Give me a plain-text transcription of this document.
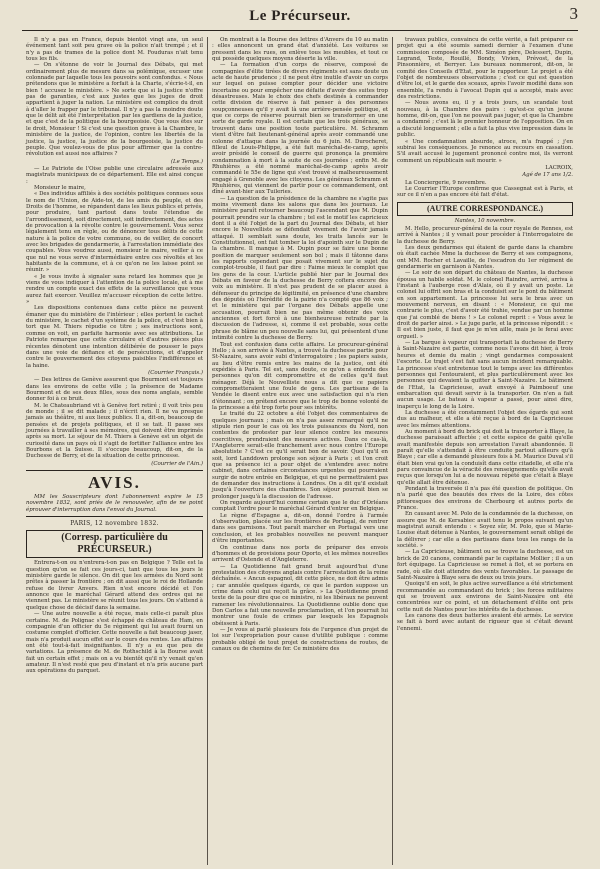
Le Précurseur.	3

Il n'y a pas en France, depuis bientôt vingt ans, un seul événement tant soit peu grave où la police n'ait trempé ; et il n'y a pas de trames de la police dont M. Fouduras n'ait tenu tous les fils.

— On s'étonne de voir le Journal des Débats, qui met ordinairement plus de mesure dans sa polémique, excuser une colonnade par laquelle tous les pouvoirs sont confondus. « Nous prétendons que le ministère a forfait à la Charte, s'écrie-t-il, en bien ! accusez le ministère. » Ne sorte que si la justice n'offre pas de garanties, c'est aux justes que les juges de droit appartient à juger la nation. Le ministère est complice du droit à d'aller le frapper par le tribunal. Il n'y a pas la moindre doute que le délit ait été l'interprétation par les gardiens de la justice, et que c'est de la politique de la bourgeoisie. Que vous êtes sur le droit, Monsieur ! Si c'est une question grave à la Chambre, le ministère de la justice, de l'opinion, contre les libertés de la justice, la justice, la justice de la bourgeoisie, la justice du peuple. Que voulez-vous de plus pour affirmer que la contre-révolution est aussi nos affaires ?

(Le Temps.)

— Le Patriote de l'Oise publie une circulaire adressée aux magistrats municipaux de ce département. Elle est ainsi conçue :

Monsieur le maire,

« Des individus affiliés à des sociétés politiques connues sous le nom de l'Union, de Aide-toi, de les amis du peuple, et des Droits de l'homme, se répandent dans les lieux publics et privés, pour produire, tant partout dans toute l'étendue de l'arrondissement, soit directement, soit indirectement, des actes de provocation à la révolte contre le gouvernement. Vous serez légalement tenu en règle, ou de dénoncer tous délits de cette nature à la police de votre commune, ou de veiller, de concert avec les brigades de gendarmerie, à l'arrestation immédiate des coupables. Vous voudrez aussi, monsieur le maire, veiller à ce que nul ne vous serve d'intermédiaire entre ces révoltés et les habitants de la commune, et à ce qu'on ne les laisse point se réunir. »

« Je vous invite à signaler sans retard les hommes que je viens de vous indiquer à l'attention de la police locale, et à me rendre un compte exact des effets de la surveillance que vous aurez fait exercer. Veuillez m'accuser réception de cette lettre. »

Les dispositions contenues dans cette pièce ne peuvent émaner que du ministère de l'intérieur ; elles portent le cachet du ministère, le cachet d'un système de la police, et c'est bien à tort que M. Thiers répudie ce titre ; ses instructions sont, comme on voit, en parfaite harmonie avec ses attributions. Le Patriote remarque que cette circulaire et d'autres pièces plus récentes dénotent une intention délibérée de pousser le pays dans une voie de défiance et de persécutions, et d'appeler contre le gouvernement des citoyens paisibles l'indifférence et la haine.

(Courrier Français.)

— Des lettres de Genève assurent que Bourmont est toujours dans les environs de cette ville ; la présence de Madame Bourmont et de ses deux filles, sous des noms anglais, semble donner foi à ce bruit.

M. le Chateaubriand vit à Genève fort retiré ; il voit très peu de monde ; il se dit malade ; il n'écrit rien. Il ne va presque jamais au théâtre, ni aux lieux publics. Il a, dit-on, beaucoup de pensées et de projets politiques, et il se tait. Il passe ses journées à travailler à ses mémoires, qui doivent être imprimés après sa mort. Le séjour de M. Thiers à Genève est un objet de curiosité dans un pays où il s'agit de fortifier l'alliance entre les Bourbons et la Suisse. Il s'occupe beaucoup, dit-on, de la Duchesse de Berry, et de la situation de cette princesse.

(Courrier de l'Ain.)
AVIS.

MM les Souscripteurs dont l'abonnement expire le 15 novembre 1832, sont priés de le renouveler, afin de ne point éprouver d'interruption dans l'envoi du Journal.

PARIS, 12 novembre 1832.
(Corresp. particulière du PRÉCURSEUR.)

Entrera-t-on ou n'entrera-t-on pas en Belgique ? Telle est la question qu'on se fait ces jours-ci, tant que tous les jours le ministère garde le silence. On dit que les armées du Nord sont prêtes à passer la frontière ; on dit aussi que le roi de Hollande refuse de livrer Anvers. Rien n'est encore décidé et l'on annonce que le maréchal Gérard attend des ordres qui ne viennent pas. Le ministère se réunit tous les jours. On s'attend à quelque chose de décisif dans la semaine.

— Une autre nouvelle a été reçue, mais celle-ci paraît plus certaine. M. de Polignac s'est échappé du château de Ham, en compagnie d'un officier du 5e régiment qui lui avait fourni un costume complet d'officier. Cette nouvelle a fait beaucoup jaser, mais n'a produit aucun effet sur le cours des rentes. Les affaires ont été tout-à-fait insignifiantes. Il n'y a eu que peu de variations. La présence de M. de Rothschild à la Bourse avait fait un certain effet ; mais on a vu bientôt qu'il n'y venait qu'en amateur. Il n'est resté que peu d'instant et n'a pris aucune part aux opérations du parquet.

On montrait à la Bourse des lettres d'Anvers du 10 au matin : elles annoncent un grand état d'anxiété. Les voitures se pressent dans les rues, on enlève tous les meubles, et tout ce qui possède quelques moyens déserte la ville.

— La formation d'un corps de réserve, composé de compagnies d'élite tirées de divers régiments est sans doute un acte de haute prudence ; il ne peut être inutile d'avoir un corps sur lequel on puisse compter pour décider une victoire incertaine ou pour empêcher une défaite d'avoir des suites trop désastreuses. Mais le choix des chefs destinés à commander cette division de réserve à fait penser à des personnes soupçonneuses qu'il y avait là une arrière-pensée politique, et que ce corps de réserve pourrait bien se transformer en une sorte de garde royale. Il est certain que les trois généraux, se trouvent dans une position toute particulière. M. Schramm vient d'être fait lieutenant-général après avoir commandé une colonne d'attaque dans la journée du 6 juin. M. Durocheret, filleul de Louis-Philippe, a été fait maréchal-de-camp, après avoir présidé le conseil de guerre qui prononça la première condamnation à mort à la suite de ces journées ; enfin M. de Rhuhières a été nommé maréchal-de-camp après avoir commandé le 55e de ligne qui s'est trouvé si malheureusement engagé à Grenoble avec les citoyens. Les généraux Schramm et Rhuhières, qui viennent de partir pour ce commandement, ont dîné avant-hier aux Tuileries.

— La question de la présidence de la chambre ne s'agite pas moins vivement dans les salons que dans les journaux. Le ministère paraît retourner beaucoup l'ascendant que M. Dupin pourrait prendre sur la chambre ; tel est le motif les capricieux dont il a été l'objet de la part du Journal des Débats, et hier encore le Nouvelliste se défendait vivement de l'avoir jamais attaqué. Il semblait sans doute, les traits lancés sur le Constitutionnel, ont fait tomber la loi d'apointh sur le Dupin de la chambre. Il manque à M. Dupin pour se faire une bonne position de marquer seulement son bol ; mais il tâtonne dans les rapports cependant que posait vivement sur le sujet du complot-trouble, il faut par dire : Faime mieux le complot que les gens de la cour. L'article publié hier par le Journal des Débats en faveur de la duchesse de Berry coïtera encore des voix au ministère. Il n'est pas prudent de se placer aussi à défenseur du principe de légitimité, en présence d'une chambre des députés où l'hérédité de la pairie n'a compté que 86 voix ; et le ministère qui par l'organe des Débats appelle une accusation, pourrait bien ne pas même obtenir des voix anciennes et fort forcé à une bienheureuse retraite par la discussion de l'adresse, si, comme il est probable, sous cette phrase de blâme un peu nouvelle sans lui, qui présentent d'une intimité contre la duchesse de Berry.

Tout est confusion dans cette affaire. Le procureur-général Hello ; à son arrivée à Nantes, a trouvé la duchesse partie pour St-Nazaire, sans avoir subi d'interrogatoire ; les papiers saisis, au lieu d'être remis entre les mains de la justice, ont été expédiés à Paris. Tel est, sans doute, ce qu'on a entendu des personnes qu'on dit compromettre et de celles qu'il faut ménager. Déjà le Nouvelliste nous a dit que ce papiers comprometteraient une foule de gens. Les partisans de la Vendée le disent entre eux avec une satisfaction qui n'a rien d'étonnant ; on prétend encore que le trop de bonne volonté de la princesse a été trop forte pour ses intérêts.

Le traité du 22 octobre a été l'objet des commentaires de quelques journaux ; mais on n'a pas assez remarqué qu'il ne stipule rien pour le cas où les trois puissances du Nord, non contentes de protester par leur silence contre les mesures coercitives, prendraient des mesures actives. Dans ce cas-là, l'Angleterre serait-elle franchement avec nous contre l'Europe absolutiste ? C'est ce qu'il serait bon de savoir. Quoi qu'il en soit, lord Landdown prolonge son séjour à Paris ; et l'on croit que sa présence ici a pour objet de s'entendre avec notre cabinet, dans certaines circonstances urgentes qui pourraient surgir de notre entrée en Belgique, et qui ne permettraient pas de demander des instructions à Londres. On a dit qu'il existait jusqu'à l'ouverture des chambres. Son séjour pourrait bien se prolonger jusqu'à la discussion de l'adresse.

On regarde aujourd'hui comme certain que le duc d'Orléans comptait l'ordre pour le maréchal Gérard d'entrer en Belgique.

Le règne d'Espagne a, dit-on, donné l'ordre à l'armée d'observation, placée sur les frontières de Portugal, de rentrer dans ses garnisons. Tout paraît marcher en Portugal vers une conclusion, et les probables nouvelles ne peuvent manquer d'être importantes.

On continue dans nos ports de préparer des envois d'hommes et de provisions pour Oporto, et les mêmes nouvelles arrivent d'Ostende et d'Angleterre.

— La Quotidienne fait grand bruit aujourd'hui d'une protestation des citoyens anglais contre l'arrestation de la reine déchaînée. « Ancun espagnol, dit cette pièce, ne doit être admis ; car annulée quelques égards, ce que le pardon suppose un crime dans celui qui reçoit la grâce. » La Quotidienne prend texte de la pour dire que ce ministre, ni les libéraux ne peuvent ramener les révolutionnaires. La Quotidienne oublie donc que Don Carlos a fait une nouvelle proclamation, et l'on pourrait lui montrer une foule de crimes par lesquels les Espagnols obéissent à Paris.

— Je vous ai parlé plusieurs fois de l'urgence d'un projet de loi sur l'expropriation pour cause d'utilité publique : comme probable obligé de tout projet de constructions de routes, de canaux ou de chemins de fer. Ce ministère des

travaux publics, convaincu de cette vérité, a fait préparer ce projet qui a été soumis samedi dernier à l'examen d'une commission composée de MM. Siméon père, Delessert, Dupin, Legrand, Teste, Rouillé, Bondy, Vivien, Prévost, de la Pinsonnière, et Berryer. Les bureaux nommeront, dit-on, le comité des Conseils d'Etat, pour le rapporteur. Le projet a été l'objet de nombreuses observations ; c'est ce qui est question d'être loi, et le garde des sceaux, après l'avoir modifié dans son ensemble, l'a rendu à l'avocat Dupin qui a accepté, mais avec des restrictions.

— Nous avons eu, il y a trois jours, un scandale tout nouveau, à la Chambre des pairs : qu'est-ce qu'un jeune homme, dit-on, que l'on ne pouvait pas juger, et que la Chambre a condamné ; c'est là le premier honneur de l'opposition. On en a discuté longuement ; elle a fait la plus vive impression dans le public.

« Une condamnation absurde, atroce, m'a frappé ; j'en subirai les conséquences. Je renonce au recours en cassation. S'il avait accusé le jugement prononcé contre moi, ils verront comment un républicain sait mourir. »

LACROIX,
Agé de 17 ans 1/2.

La Conciergerie, 9 novembre.

Le Courrier l'Europe confirme que Cassegnat est à Paris, et sur ce il n'en a pas encore été fait d'état.

(AUTRE CORRESPONDANCE.)
Nantes, 10 novembre.

M. Hello, procureur-général de la cour royale de Rennes, est arrivé à Nantes ; il y venait pour procéder à l'interrogatoire de la duchesse de Berry.

Les deux gendarmes qui étaient de garde dans la chambre où était cachée Mme la duchesse de Berry et ses compagnons, ont MM. Rocher et Lavaille, de l'escadron du 1er régiment de gendarmerie en garnison à Nantes.

— Le soir de son départ du château de Nantes, la duchesse épousa un habile soldat. M. le colonel Raindre, arrivé, arriva à l'instant à l'auberge rose d'Alais, où il y avait un poste. Le colonel lui offrit son bras et la conduisit sur le pont du bâtiment en son appartement. La princesse lui sera le bras avec un mouvement nerveux, en disant : « Monsieur, ce qui me contrarie le plus, c'est d'avoir été trahie, vendue par un homme que j'ai comblé de biens ! » Le colonel reprit : « Vous avez le droit de parler ainsi. » Le juge parle, et la princesse répondit : « Il est bien juste, il faut que je m'en aille, mais je le ferai avec orgueil. »

— La barque à vapeur qui transportait la duchesse de Berry à Saint-Nazaire est partie, comme nous l'avons dit hier, à trois heures et demie du matin ; vingt gendarmes composaient l'escorte. Le trajet s'est fait sans aucun incident remarquable. La princesse s'est entretenue tout le temps avec les différentes personnes qui l'entouraient, et plus particulièrement avec les personnes qui devaient la quitter à Saint-Nazaire. Le bâtiment de l'Etat, la Capricieuse, avait envoyé à Paimboeuf une embarcation qui devait servir à la transporter. On n'en a fait aucun usage. Le bateau à vapeur a passé, pour ainsi dire, inaperçu le long de la Loire.

La duchesse a été constamment l'objet des égards qui sont dus au malheur, et elle a été reçue à bord de la Capricieuse avec les mêmes attentions.

Au moment à bord du brick qui doit la transporter à Blaye, la duchesse paraissait affectée ; et cette espèce de gaité qu'elle avait manifestée depuis son arrestation l'avait abandonnée. Il paraît qu'elle s'attendait à être conduite partout ailleurs qu'à Blaye ; car elle a demandé plusieurs fois à M. Maurice Duval s'il était bien vrai qu'on la conduisît dans cette citadelle, et elle n'a paru convaincue de la véracité des renseignements qu'elle avait reçus que lorsqu'on lui a de nouveau répété que c'était à Blaye qu'elle allait être détenue.

Pendant la traversée il n'a pas été question de politique. On n'a parlé que des beautés des rives de la Loire, des côtes pittoresques des environs de Cherbourg et autres ports de France.

En causant avec M. Polo de la condamnée de la duchesse, on assure que M. de Kersabiec avait tenu le propos suivant qu'un magistrat aurait entendu : « Soyez sûr, M. Polo, que si Marie-Louise était détenue à Nantes, le gouvernement serait obligé de la délivrer ; car elle a des partisans dans tous les rangs de la société. »

— La Capricieuse, bâtiment ou se trouve la duchesse, est un brick de 20 canons, commandé par le capitaine Mollier ; il a un fort équipage. La Capricieuse se remet à flot, et se portera en rade, où elle doit attendre des vents favorables. Le passage de Saint-Nazaire à Blaye sera de deux ou trois jours.

Quoiqu'il en soit, le plus active surveillance a été strictement recommandée au commandant du brick ; les forces militaires qui se trouvent aux environs de Saint-Nazaire ont été concentrées sur ce point, et un détachement d'élite ont pris cette nuit de Nantes pour les intérêts de la duchesse.

Les canons des deux batteries avaient été armés. Le service se fait à bord avec autant de rigueur que si c'était devant l'ennemi.
